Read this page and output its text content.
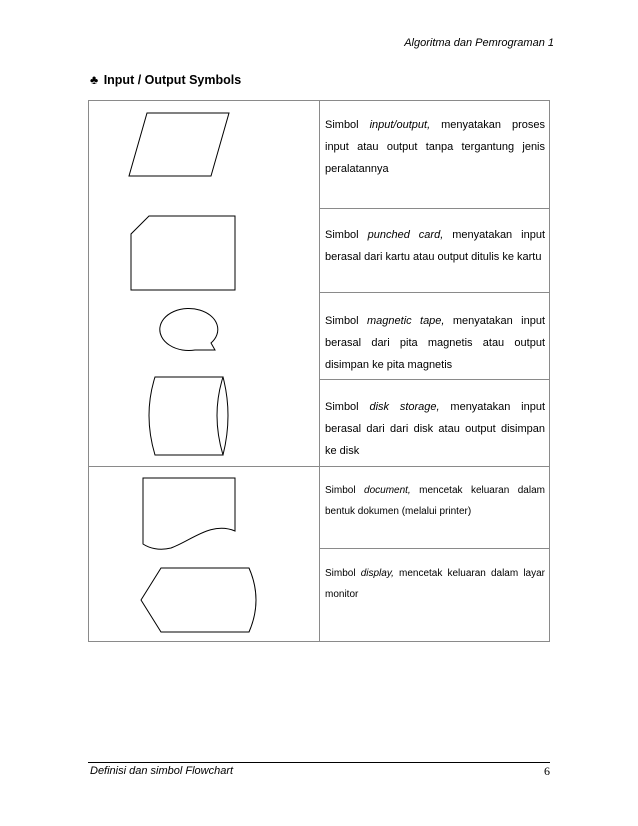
Algoritma dan Pemrograman 1
♣ Input / Output Symbols
Simbol input/output, menyatakan proses input atau output tanpa tergantung jenis peralatannya
Simbol punched card, menyatakan input berasal dari kartu atau output ditulis ke kartu
Simbol magnetic tape, menyatakan input berasal dari pita magnetis atau output disimpan ke pita magnetis
Simbol disk storage, menyatakan input berasal dari dari disk atau output disimpan ke disk
Simbol document, mencetak keluaran dalam bentuk dokumen (melalui printer)
Simbol display, mencetak keluaran dalam layar monitor
Definisi dan simbol Flowchart	6
